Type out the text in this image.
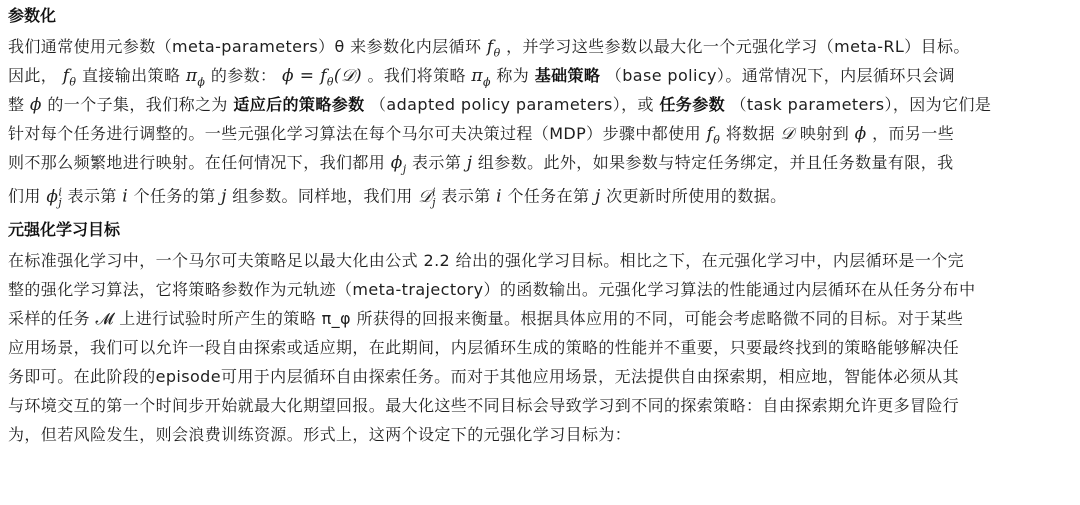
参数化
我们通常使用元参数（meta-parameters）θ 来参数化内层循环 $f_\theta$ ，并学习这些参数以最大化一个元强化学习（meta-RL）目标。
因此， $f_\theta$ 直接输出策略 $\pi_\phi$ 的参数： $\phi = f_\theta(𝒟)$ 。我们将策略 $\pi_\phi$ 称为 基础策略 （base policy）。通常情况下，内层循环只会调
整 ϕ 的一个子集，我们称之为 适应后的策略参数 （adapted policy parameters），或 任务参数 （task parameters），因为它们是
针对每个任务进行调整的。一些元强化学习算法在每个马尔可夫决策过程（MDP）步骤中都使用 $f_\theta$ 将数据 𝒟 映射到 ϕ ，而另一些
则不那么频繁地进行映射。在任何情况下，我们都用 $\phi_j$ 表示第 j 组参数。此外，如果参数与特定任务绑定，并且任务数量有限，我
们用 $\phi^i_j$ 表示第 i 个任务的第 j 组参数。同样地，我们用 𝒟$^i_j$ 表示第 i 个任务在第 j 次更新时所使用的数据。
元强化学习目标
在标准强化学习中，一个马尔可夫策略足以最大化由公式 2.2 给出的强化学习目标。相比之下，在元强化学习中，内层循环是一个完
整的强化学习算法，它将策略参数作为元轨迹（meta-trajectory）的函数输出。元强化学习算法的性能通过内层循环在从任务分布中
采样的任务 𝓜 上进行试验时所产生的策略 π_φ 所获得的回报来衡量。根据具体应用的不同，可能会考虑略微不同的目标。对于某些
应用场景，我们可以允许一段自由探索或适应期，在此期间，内层循环生成的策略的性能并不重要，只要最终找到的策略能够解决任
务即可。在此阶段的episode可用于内层循环自由探索任务。而对于其他应用场景，无法提供自由探索期，相应地，智能体必须从其
与环境交互的第一个时间步开始就最大化期望回报。最大化这些不同目标会导致学习到不同的探索策略：自由探索期允许更多冒险行
为，但若风险发生，则会浪费训练资源。形式上，这两个设定下的元强化学习目标为：
